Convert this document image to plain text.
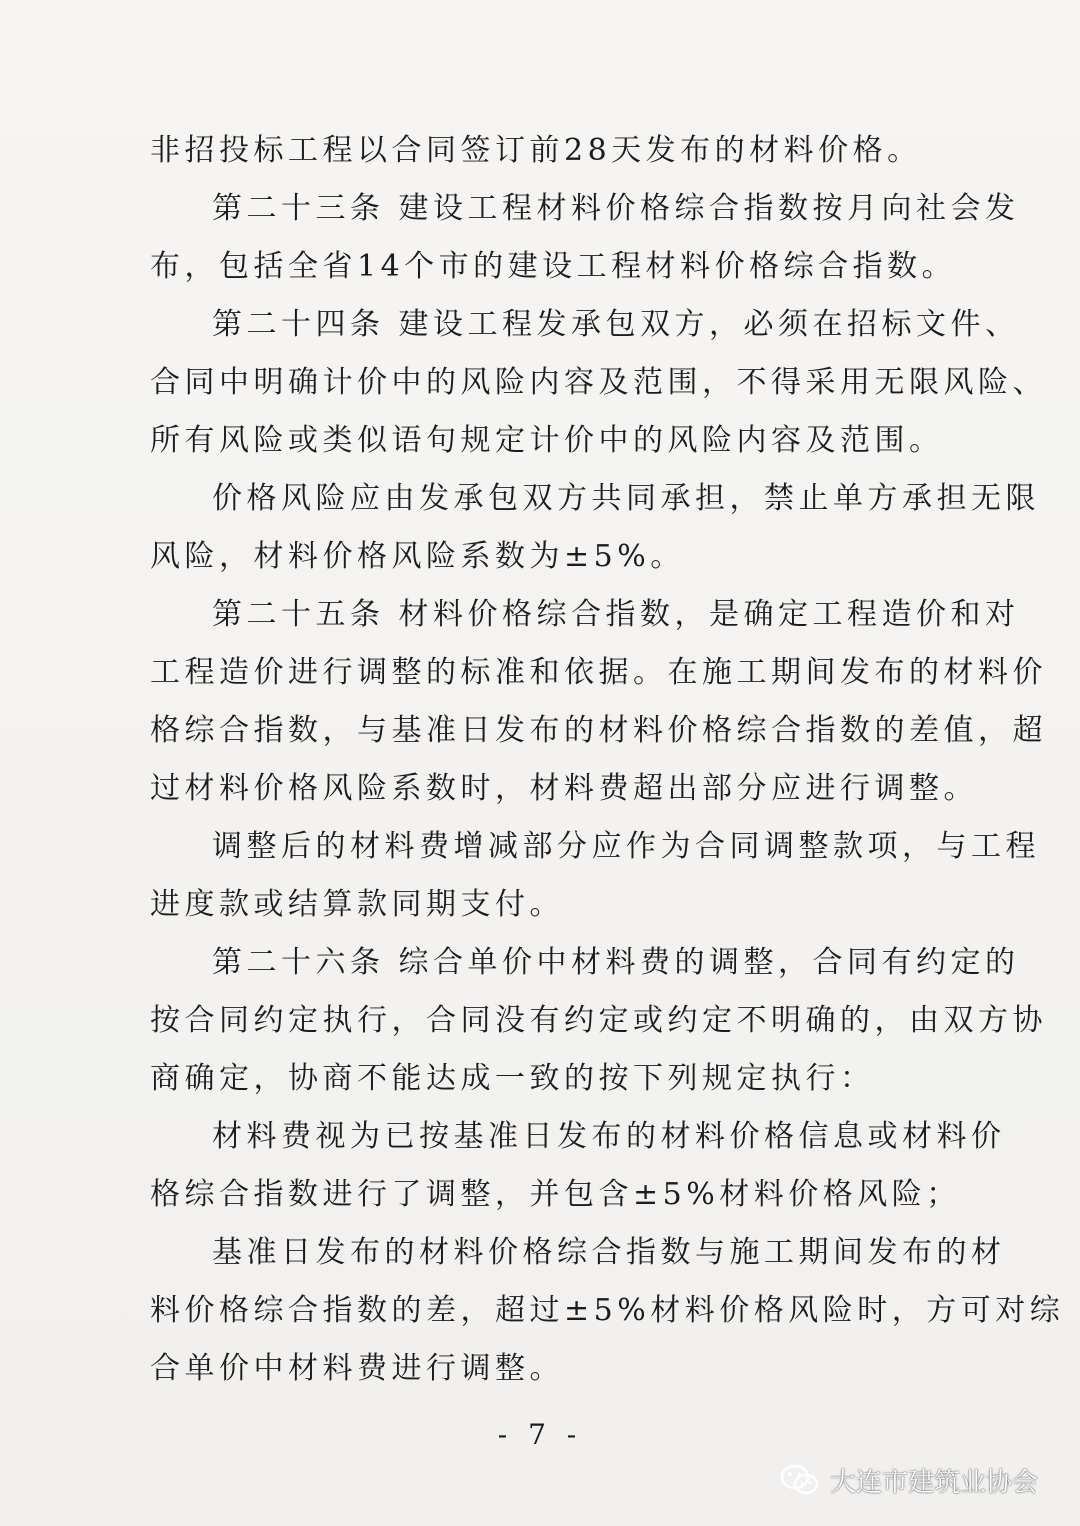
非招投标工程以合同签订前28天发布的材料价格。
第二十三条 建设工程材料价格综合指数按月向社会发
布，包括全省14个市的建设工程材料价格综合指数。
第二十四条 建设工程发承包双方，必须在招标文件、
合同中明确计价中的风险内容及范围，不得采用无限风险、
所有风险或类似语句规定计价中的风险内容及范围。
价格风险应由发承包双方共同承担，禁止单方承担无限
风险，材料价格风险系数为±5%。
第二十五条 材料价格综合指数，是确定工程造价和对
工程造价进行调整的标准和依据。在施工期间发布的材料价
格综合指数，与基准日发布的材料价格综合指数的差值，超
过材料价格风险系数时，材料费超出部分应进行调整。
调整后的材料费增减部分应作为合同调整款项，与工程
进度款或结算款同期支付。
第二十六条 综合单价中材料费的调整，合同有约定的
按合同约定执行，合同没有约定或约定不明确的，由双方协
商确定，协商不能达成一致的按下列规定执行：
材料费视为已按基准日发布的材料价格信息或材料价
格综合指数进行了调整，并包含±5%材料价格风险；
基准日发布的材料价格综合指数与施工期间发布的材
料价格综合指数的差，超过±5%材料价格风险时，方可对综
合单价中材料费进行调整。
- 7 -
大连市建筑业协会
